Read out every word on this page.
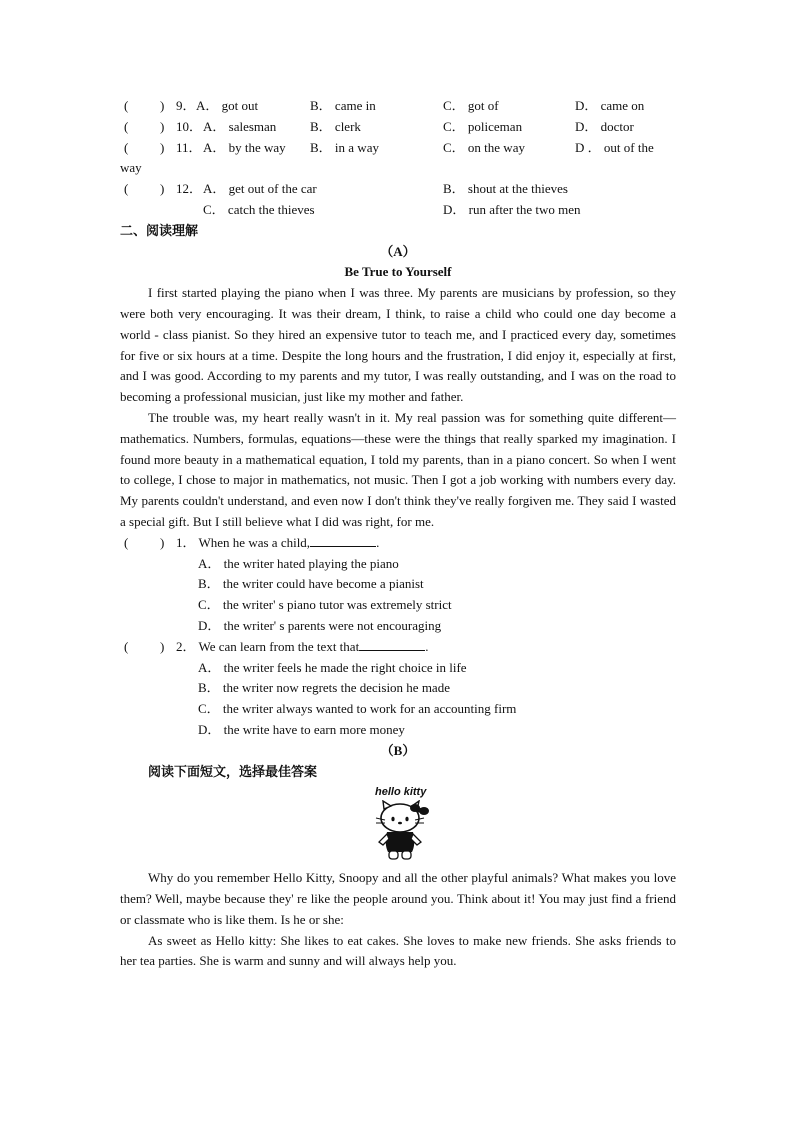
( ) 9． A． got out	B． came in	C． got of	D． came on
( ) 10． A． salesman	B． clerk	C． policeman	D． doctor
( ) 11． A． by the way B． in a way	C． on the way	D ． out of the
way
( ) 12． A． get out of the car	B． shout at the thieves
C． catch the thieves	D． run after the two men
二、阅读理解
（A）
Be True to Yourself

I first started playing the piano when I was three. My parents are musicians by profession, so they were both very encouraging. It was their dream, I think, to raise a child who could one day become a world - class pianist. So they hired an expensive tutor to teach me, and I practiced every day, sometimes for five or six hours at a time. Despite the long hours and the frustration, I did enjoy it, especially at first, and I was good. According to my parents and my tutor, I was really outstanding, and I was on the road to becoming a professional musician, just like my mother and father.

The trouble was, my heart really wasn't in it. My real passion was for something quite different—mathematics. Numbers, formulas, equations—these were the things that really sparked my imagination. I found more beauty in a mathematical equation, I told my parents, than in a piano concert. So when I went to college, I chose to major in mathematics, not music. Then I got a job working with numbers every day. My parents couldn't understand, and even now I don't think they've really forgiven me. They said I wasted a special gift. But I still believe what I did was right, for me.

( ) 1． When he was a child,	.
A． the writer hated playing the piano
B． the writer could have become a pianist
C． the writer' s piano tutor was extremely strict
D． the writer' s parents were not encouraging
( ) 2． We can learn from the text that	.
A． the writer feels he made the right choice in life
B． the writer now regrets the decision he made
C． the writer always wanted to work for an accounting firm
D． the write have to earn more money
（B）
阅读下面短文，选择最佳答案
hello kitty

Why do you remember Hello Kitty, Snoopy and all the other playful animals? What makes you love them? Well, maybe because they' re like the people around you. Think about it! You may just find a friend or classmate who is like them. Is he or she:

As sweet as Hello kitty: She likes to eat cakes. She loves to make new friends. She asks friends to her tea parties. She is warm and sunny and will always help you.
